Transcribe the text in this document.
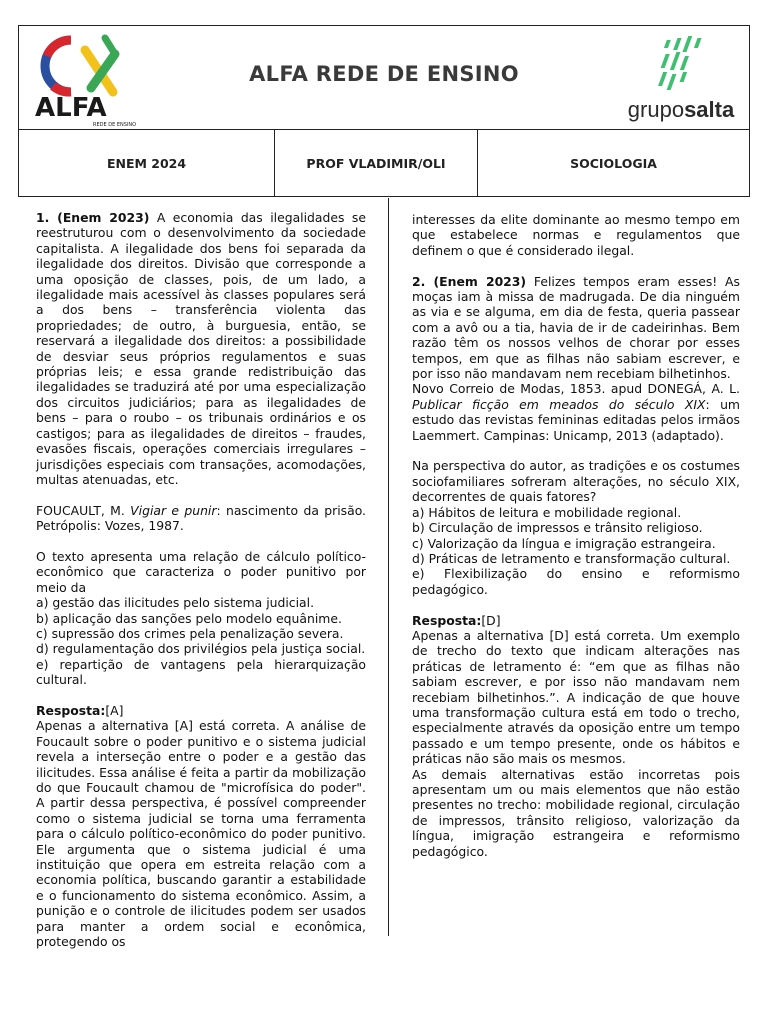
ALFA
REDE DE ENSINO
ALFA REDE DE ENSINO
gruposalta
ENEM 2024	PROF VLADIMIR/OLI	SOCIOLOGIA

1. (Enem 2023) A economia das ilegalidades se reestruturou com o desenvolvimento da sociedade capitalista. A ilegalidade dos bens foi separada da ilegalidade dos direitos. Divisão que corresponde a uma oposição de classes, pois, de um lado, a ilegalidade mais acessível às classes populares será a dos bens – transferência violenta das propriedades; de outro, à burguesia, então, se reservará a ilegalidade dos direitos: a possibilidade de desviar seus próprios regulamentos e suas próprias leis; e essa grande redistribuição das ilegalidades se traduzirá até por uma especialização dos circuitos judiciários; para as ilegalidades de bens – para o roubo – os tribunais ordinários e os castigos; para as ilegalidades de direitos – fraudes, evasões fiscais, operações comerciais irregulares – jurisdições especiais com transações, acomodações, multas atenuadas, etc.

FOUCAULT, M. Vigiar e punir: nascimento da prisão. Petrópolis: Vozes, 1987.

O texto apresenta uma relação de cálculo político-econômico que caracteriza o poder punitivo por meio da

a) gestão das ilicitudes pelo sistema judicial.

b) aplicação das sanções pelo modelo equânime.

c) supressão dos crimes pela penalização severa.

d) regulamentação dos privilégios pela justiça social.

e) repartição de vantagens pela hierarquização cultural.

Resposta:[A]

Apenas a alternativa [A] está correta. A análise de Foucault sobre o poder punitivo e o sistema judicial revela a interseção entre o poder e a gestão das ilicitudes. Essa análise é feita a partir da mobilização do que Foucault chamou de "microfísica do poder". A partir dessa perspectiva, é possível compreender como o sistema judicial se torna uma ferramenta para o cálculo político-econômico do poder punitivo. Ele argumenta que o sistema judicial é uma instituição que opera em estreita relação com a economia política, buscando garantir a estabilidade e o funcionamento do sistema econômico. Assim, a punição e o controle de ilicitudes podem ser usados para manter a ordem social e econômica, protegendo os

interesses da elite dominante ao mesmo tempo em que estabelece normas e regulamentos que definem o que é considerado ilegal.

2. (Enem 2023) Felizes tempos eram esses! As moças iam à missa de madrugada. De dia ninguém as via e se alguma, em dia de festa, queria passear com a avô ou a tia, havia de ir de cadeirinhas. Bem razão têm os nossos velhos de chorar por esses tempos, em que as filhas não sabiam escrever, e por isso não mandavam nem recebiam bilhetinhos.

Novo Correio de Modas, 1853. apud DONEGÁ, A. L. Publicar ficção em meados do século XIX: um estudo das revistas femininas editadas pelos irmãos Laemmert. Campinas: Unicamp, 2013 (adaptado).

Na perspectiva do autor, as tradições e os costumes sociofamiliares sofreram alterações, no século XIX, decorrentes de quais fatores?

a) Hábitos de leitura e mobilidade regional.

b) Circulação de impressos e trânsito religioso.

c) Valorização da língua e imigração estrangeira.

d) Práticas de letramento e transformação cultural.

e) Flexibilização do ensino e reformismo pedagógico.

Resposta:[D]

Apenas a alternativa [D] está correta. Um exemplo de trecho do texto que indicam alterações nas práticas de letramento é: “em que as filhas não sabiam escrever, e por isso não mandavam nem recebiam bilhetinhos.”. A indicação de que houve uma transformação cultura está em todo o trecho, especialmente através da oposição entre um tempo passado e um tempo presente, onde os hábitos e práticas não são mais os mesmos.

As demais alternativas estão incorretas pois apresentam um ou mais elementos que não estão presentes no trecho: mobilidade regional, circulação de impressos, trânsito religioso, valorização da língua, imigração estrangeira e reformismo pedagógico.
